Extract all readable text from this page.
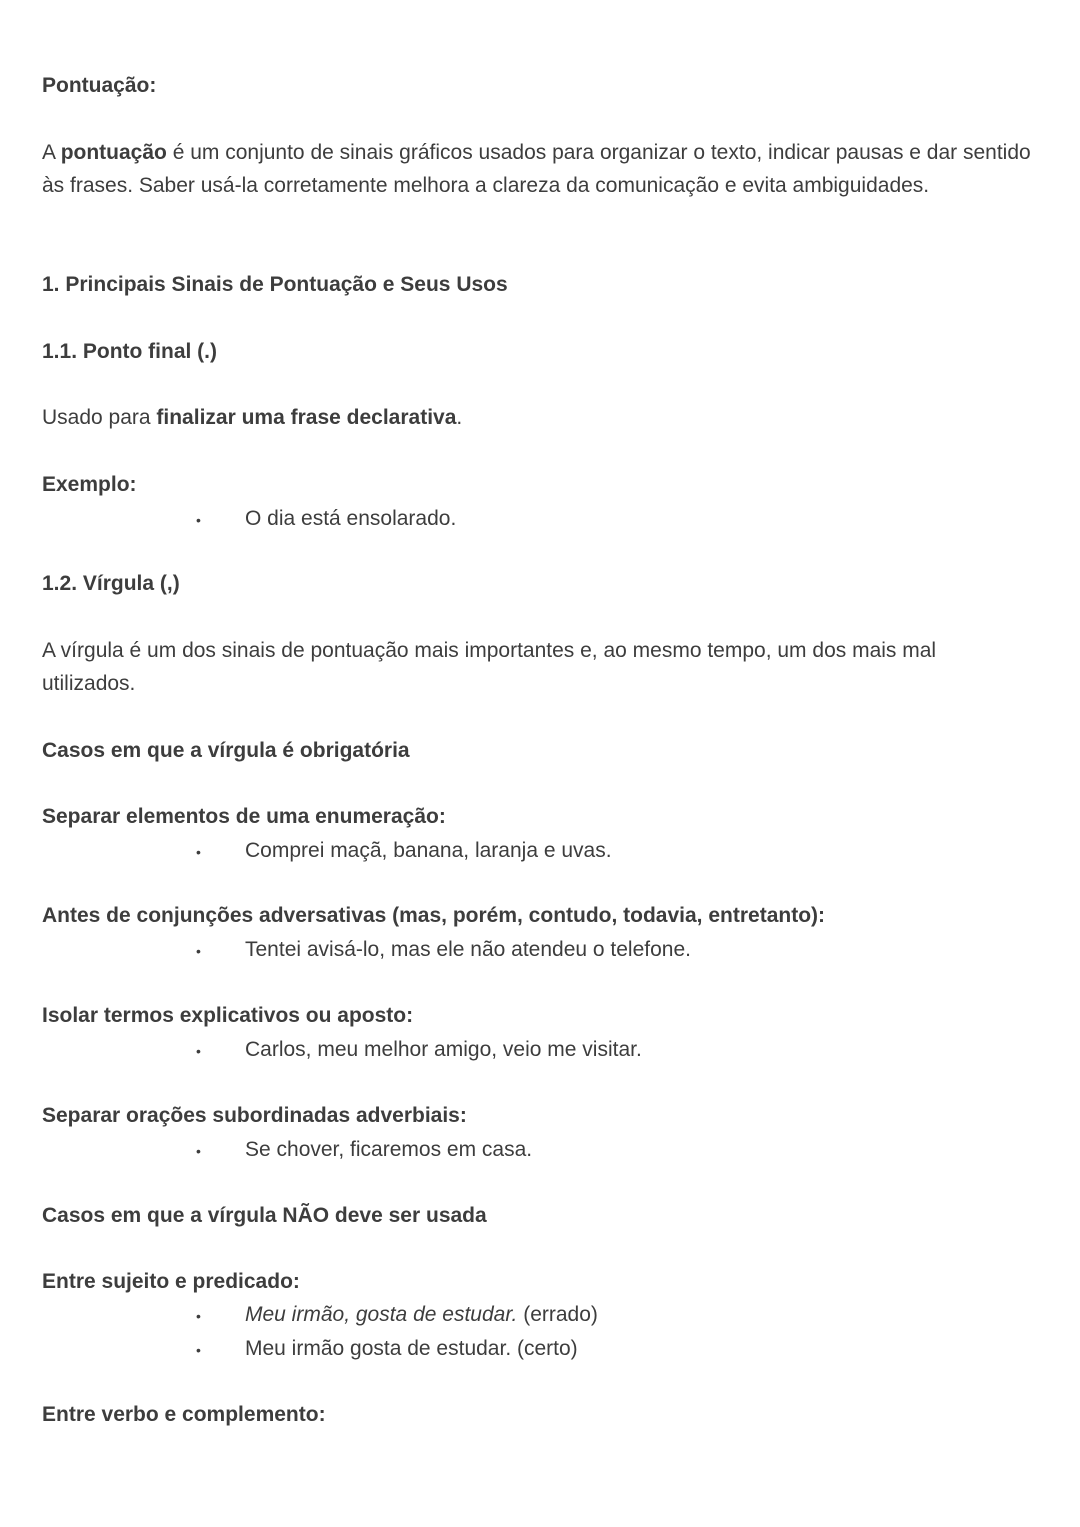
Pontuação:
A pontuação é um conjunto de sinais gráficos usados para organizar o texto, indicar pausas e dar sentido às frases. Saber usá-la corretamente melhora a clareza da comunicação e evita ambiguidades.
1. Principais Sinais de Pontuação e Seus Usos
1.1. Ponto final (.)
Usado para finalizar uma frase declarativa.
Exemplo:
• O dia está ensolarado.
1.2. Vírgula (,)
A vírgula é um dos sinais de pontuação mais importantes e, ao mesmo tempo, um dos mais mal utilizados.
Casos em que a vírgula é obrigatória
Separar elementos de uma enumeração:
• Comprei maçã, banana, laranja e uvas.
Antes de conjunções adversativas (mas, porém, contudo, todavia, entretanto):
• Tentei avisá-lo, mas ele não atendeu o telefone.
Isolar termos explicativos ou aposto:
• Carlos, meu melhor amigo, veio me visitar.
Separar orações subordinadas adverbiais:
• Se chover, ficaremos em casa.
Casos em que a vírgula NÃO deve ser usada
Entre sujeito e predicado:
• Meu irmão, gosta de estudar. (errado)
• Meu irmão gosta de estudar. (certo)
Entre verbo e complemento:
